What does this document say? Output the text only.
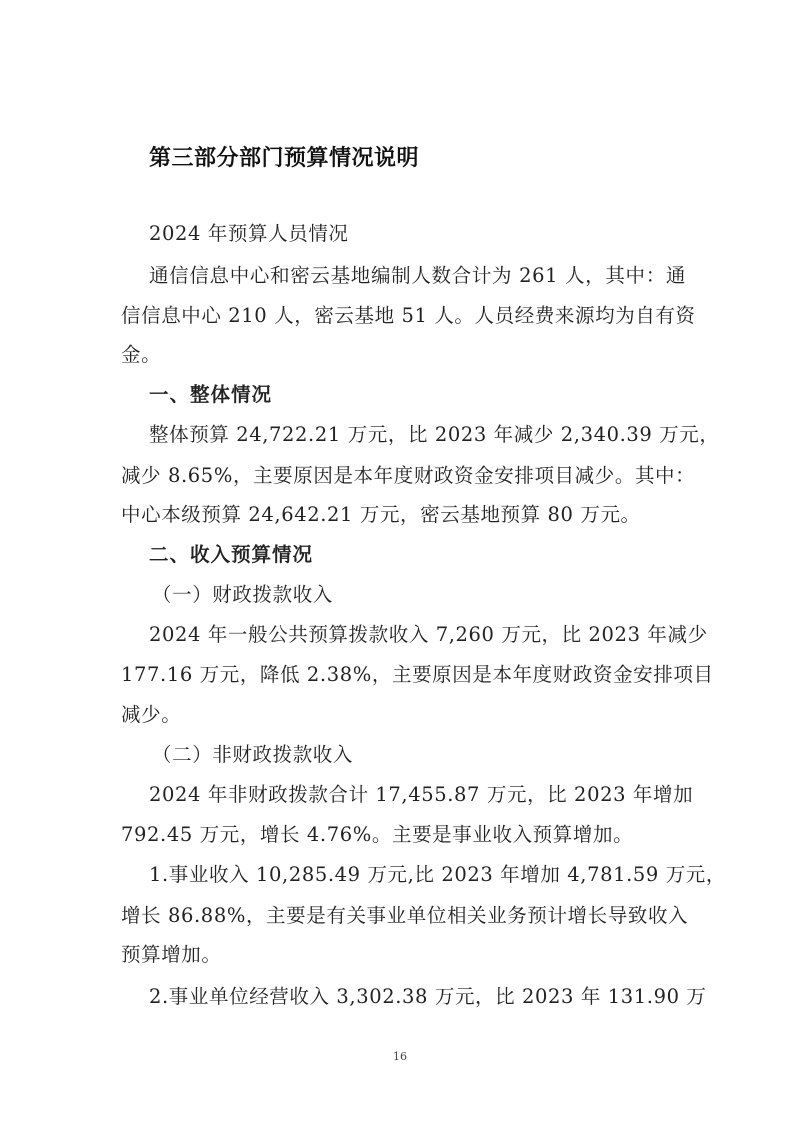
第三部分部门预算情况说明

2024 年预算人员情况

通信信息中心和密云基地编制人数合计为 261 人，其中：通

信信息中心 210 人，密云基地 51 人。人员经费来源均为自有资

金。

一、整体情况

整体预算 24,722.21 万元，比 2023 年减少 2,340.39 万元，

减少 8.65%，主要原因是本年度财政资金安排项目减少。其中：

中心本级预算 24,642.21 万元，密云基地预算 80 万元。

二、收入预算情况

（一）财政拨款收入

2024 年一般公共预算拨款收入 7,260 万元，比 2023 年减少

177.16 万元，降低 2.38%，主要原因是本年度财政资金安排项目

减少。

（二）非财政拨款收入

2024 年非财政拨款合计 17,455.87 万元，比 2023 年增加

792.45 万元，增长 4.76%。主要是事业收入预算增加。

1.事业收入 10,285.49 万元,比 2023 年增加 4,781.59 万元，

增长 86.88%，主要是有关事业单位相关业务预计增长导致收入

预算增加。

2.事业单位经营收入 3,302.38 万元，比 2023 年 131.90 万

16
